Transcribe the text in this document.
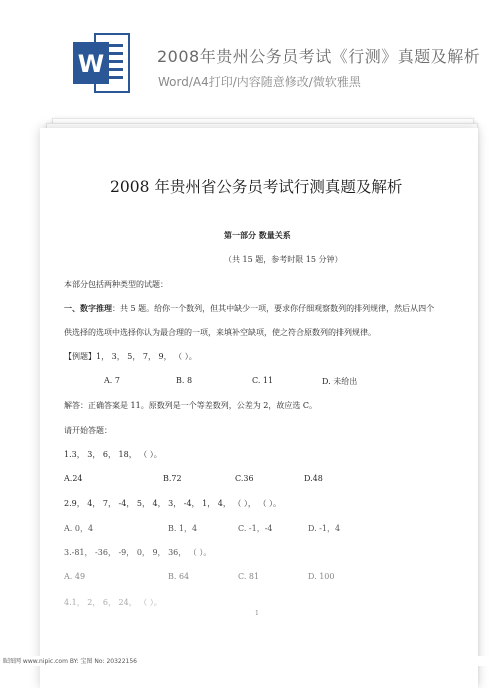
W	2008年贵州公务员考试《行测》真题及解析
Word/A4打印/内容随意修改/微软雅黑
2008 年贵州省公务员考试行测真题及解析
第一部分 数量关系
（共 15 题，参考时限 15 分钟）
本部分包括两种类型的试题：
一、数字推理：共 5 题。给你一个数列，但其中缺少一项，要求你仔细观察数列的排列规律，然后从四个
供选择的选项中选择你认为最合理的一项，来填补空缺项，使之符合原数列的排列规律。
【例题】1， 3， 5， 7， 9， （ ）。
A. 7	B. 8	C. 11	D. 未给出
解答：正确答案是 11。原数列是一个等差数列，公差为 2，故应选 C。
请开始答题：
1.3， 3， 6， 18， （ ）。
A.24	B.72	C.36	D.48
2.9， 4， 7， -4， 5， 4， 3， -4， 1， 4， （ ）， （ ）。
A. 0，4	B. 1，4	C. -1，-4	D. -1，4
3.-81， -36， -9， 0， 9， 36， （ ）。
A. 49	B. 64	C. 81	D. 100
4.1， 2， 6， 24， （ ）。
1
昵图网 www.nipic.com BY: 宝图 No: 20322156
